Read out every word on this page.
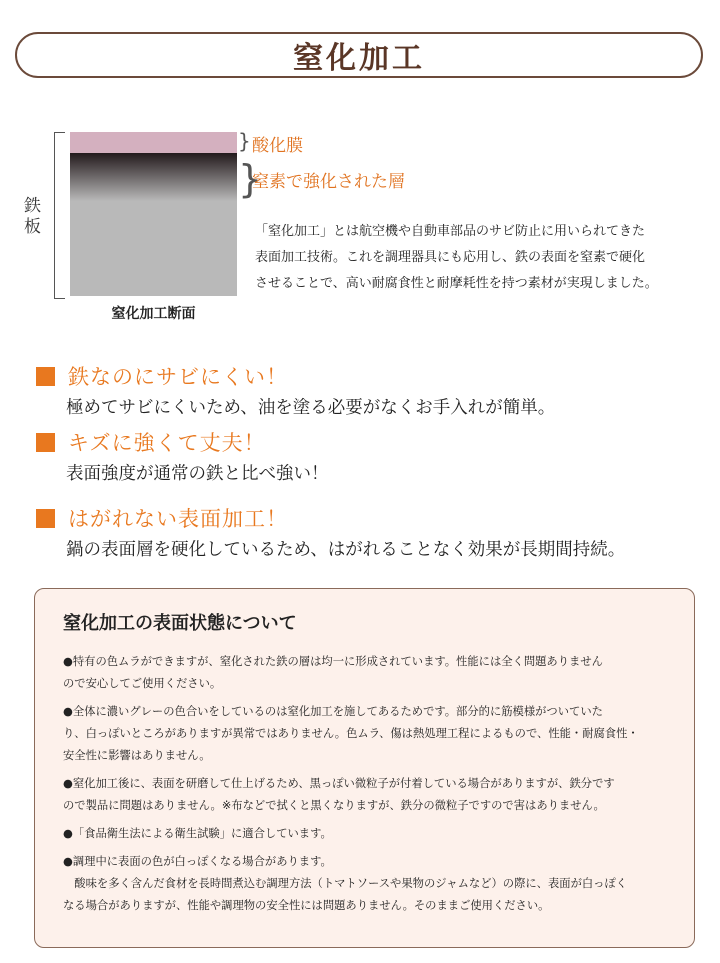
窒化加工
鉄板
窒化加工断面
} 酸化膜
}
窒素で強化された層
「窒化加工」とは航空機や自動車部品のサビ防止に用いられてきた
表面加工技術。これを調理器具にも応用し、鉄の表面を窒素で硬化
させることで、高い耐腐食性と耐摩耗性を持つ素材が実現しました。
鉄なのにサビにくい！
極めてサビにくいため、油を塗る必要がなくお手入れが簡単。
キズに強くて丈夫！
表面強度が通常の鉄と比べ強い！
はがれない表面加工！
鍋の表面層を硬化しているため、はがれることなく効果が長期間持続。
窒化加工の表面状態について
●特有の色ムラができますが、窒化された鉄の層は均一に形成されています。性能には全く問題ありません
ので安心してご使用ください。
●全体に濃いグレーの色合いをしているのは窒化加工を施してあるためです。部分的に筋模様がついていた
り、白っぽいところがありますが異常ではありません。色ムラ、傷は熱処理工程によるもので、性能・耐腐食性・
安全性に影響はありません。
●窒化加工後に、表面を研磨して仕上げるため、黒っぽい微粒子が付着している場合がありますが、鉄分です
ので製品に問題はありません。※布などで拭くと黒くなりますが、鉄分の微粒子ですので害はありません。
●「食品衛生法による衛生試験」に適合しています。
●調理中に表面の色が白っぽくなる場合があります。
　酸味を多く含んだ食材を長時間煮込む調理方法（トマトソースや果物のジャムなど）の際に、表面が白っぽく
なる場合がありますが、性能や調理物の安全性には問題ありません。そのままご使用ください。
